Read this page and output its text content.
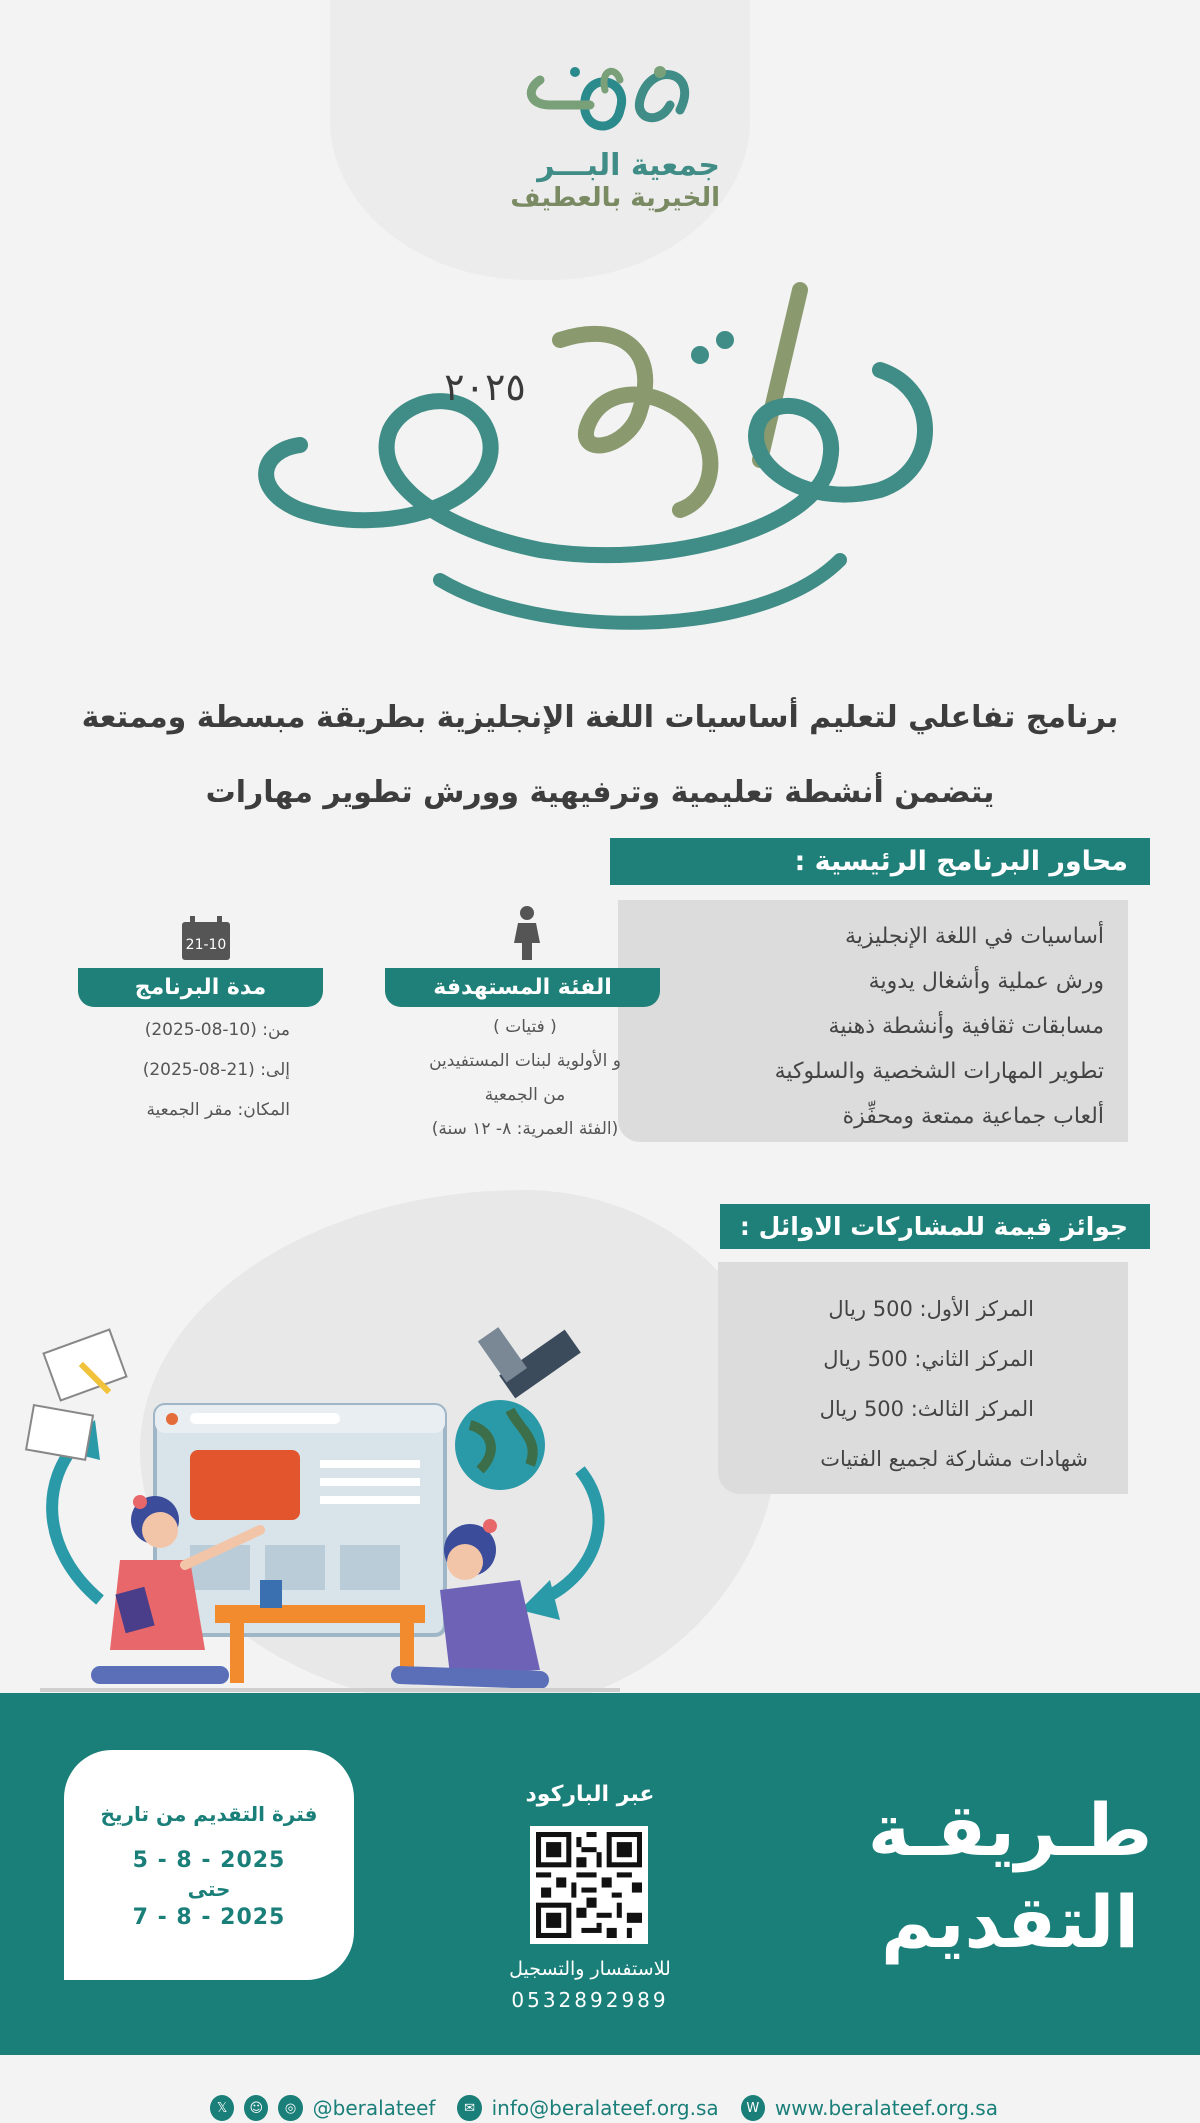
جمعية البـــر
الخيرية بالعطيف
٢٠٢٥
برنامج تفاعلي لتعليم أساسيات اللغة الإنجليزية بطريقة مبسطة وممتعة
يتضمن أنشطة تعليمية وترفيهية وورش تطوير مهارات
محاور البرنامج الرئيسية :
أساسيات في اللغة الإنجليزية
ورش عملية وأشغال يدوية
مسابقات ثقافية وأنشطة ذهنية
تطوير المهارات الشخصية والسلوكية
ألعاب جماعية ممتعة ومحفِّزة
الفئة المستهدفة
( فتيات )
و الأولوية لبنات المستفيدين
من الجمعية
(الفئة العمرية: ٨- ١٢ سنة)
21-10
مدة البرنامج
من: (10-08-2025)
إلى: (21-08-2025)
المكان: مقر الجمعية
جوائز قيمة للمشاركات الاوائل :
المركز الأول: 500 ريال
المركز الثاني: 500 ريال
المركز الثالث: 500 ريال
شهادات مشاركة لجميع الفتيات
طـريقـة
التقديم
عبر الباركود
للاستفسار والتسجيل
0532892989
فترة التقديم من تاريخ
5 - 8 - 2025
حتى
7 - 8 - 2025
𝕏	☺	◎ @beralateef	✉ info@beralateef.org.sa	W www.beralateef.org.sa
